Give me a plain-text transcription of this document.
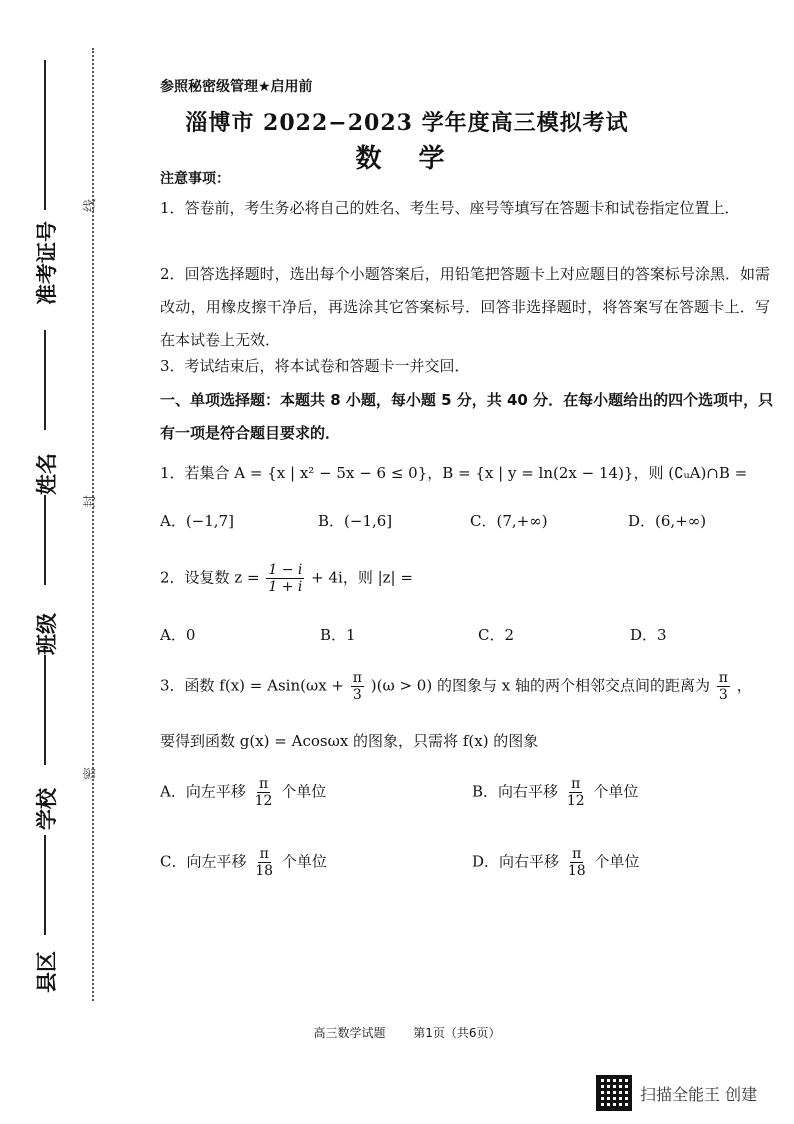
准考证号
姓名
班级
学校
县区
线
封
密
参照秘密级管理★启用前
淄博市 2022−2023 学年度高三模拟考试
数 学
注意事项：
1．答卷前，考生务必将自己的姓名、考生号、座号等填写在答题卡和试卷指定位置上．
2．回答选择题时，选出每个小题答案后，用铅笔把答题卡上对应题目的答案标号涂黑．如需改动，用橡皮擦干净后，再选涂其它答案标号．回答非选择题时，将答案写在答题卡上．写在本试卷上无效．
3．考试结束后，将本试卷和答题卡一并交回．
一、单项选择题：本题共 8 小题，每小题 5 分，共 40 分．在每小题给出的四个选项中，只有一项是符合题目要求的．
1．若集合 A = {x | x² − 5x − 6 ≤ 0}，B = {x | y = ln(2x − 14)}，则 (∁ᵤA)∩B =
A．(−1,7]	B．(−1,6]	C．(7,+∞)	D．(6,+∞)
2．设复数 $z = \frac{1 - i}{1 + i} + 4i$，则 |z| =
A．0	B．1	C．2	D．3
3．函数 $f(x) = Asin(\omega x + \frac{\pi}{3} )(\omega > 0)$ 的图象与 x 轴的两个相邻交点间的距离为 $\frac{\pi}{3}$ ，
要得到函数 g(x) = Acosωx 的图象，只需将 f(x) 的图象
A．向左平移 $\frac{\pi}{12}$ 个单位	B．向右平移 $\frac{\pi}{12}$ 个单位
C．向左平移 $\frac{\pi}{18}$ 个单位	D．向右平移 $\frac{\pi}{18}$ 个单位
高三数学试题 第1页（共6页）
扫描全能王 创建
